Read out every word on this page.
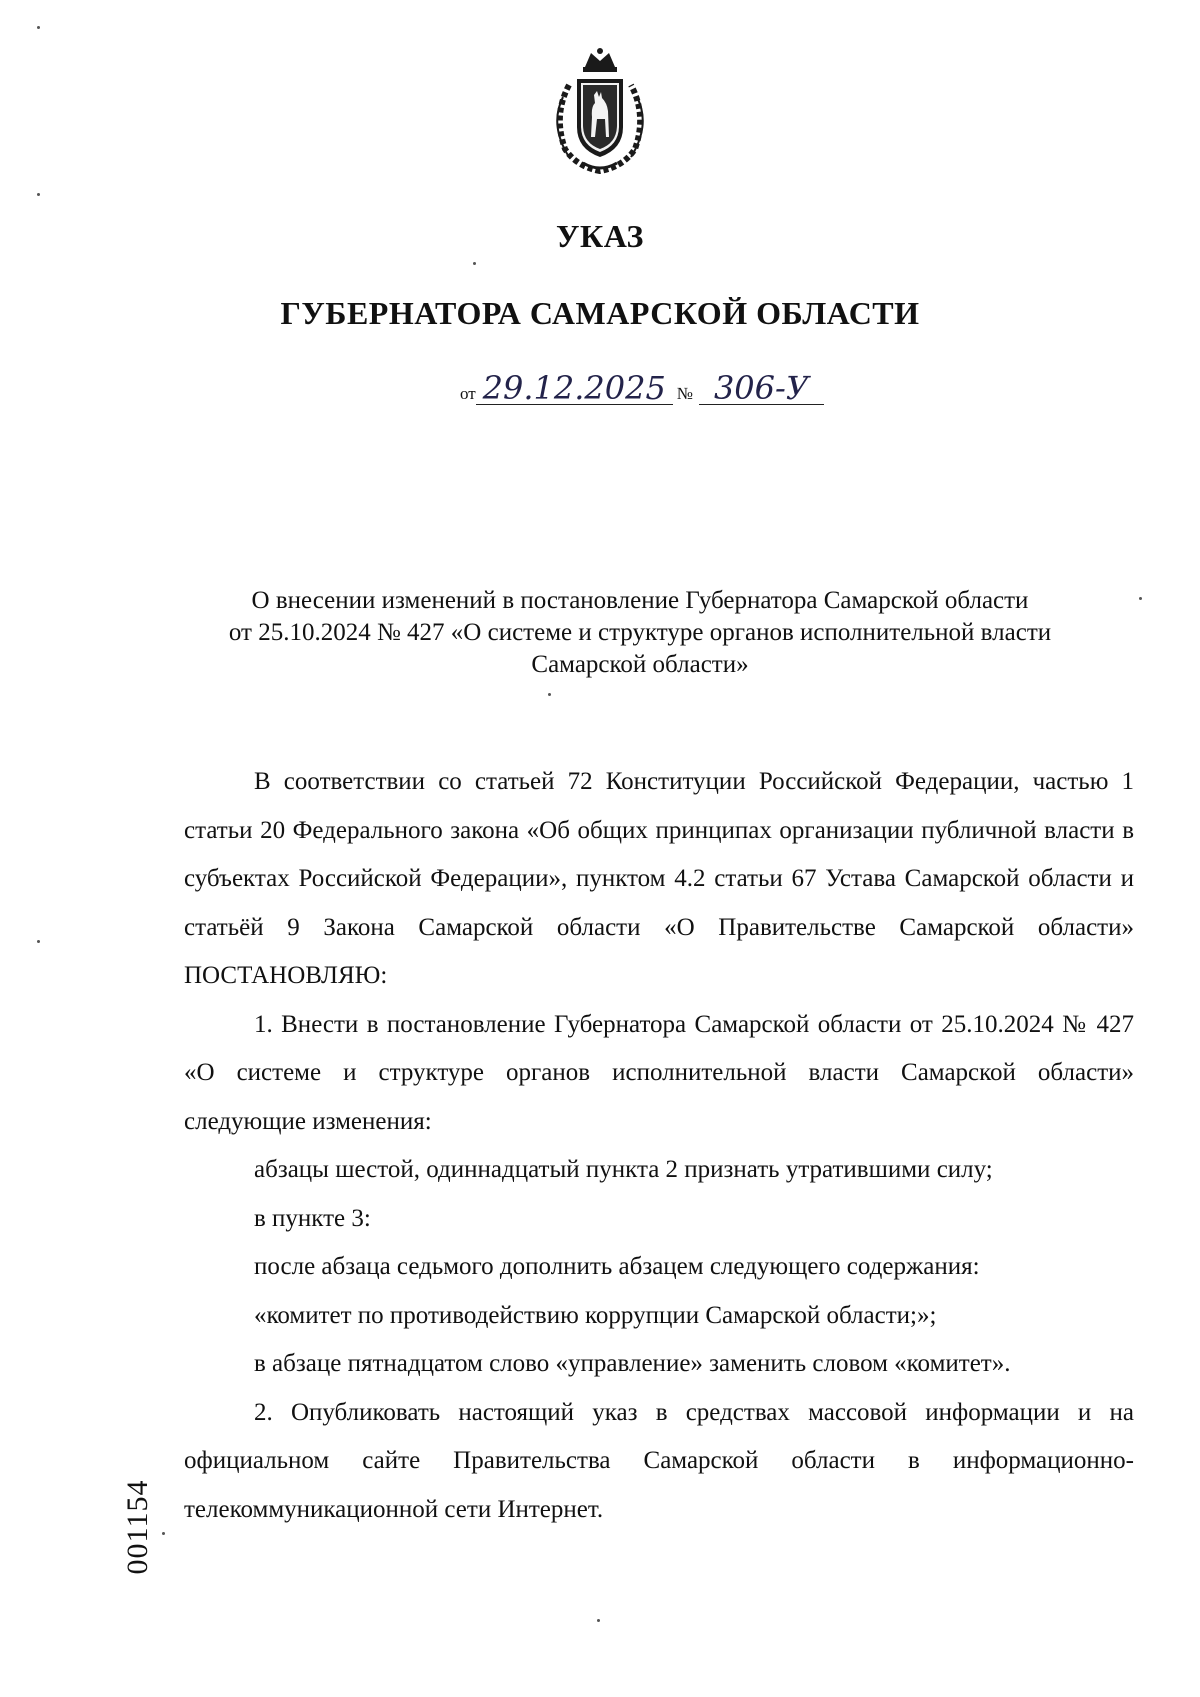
УКАЗ
ГУБЕРНАТОРА САМАРСКОЙ ОБЛАСТИ
от 29.12.2025 № 306-У
О внесении изменений в постановление Губернатора Самарской области
от 25.10.2024 № 427 «О системе и структуре органов исполнительной власти
Самарской области»

В соответствии со статьей 72 Конституции Российской Федерации, частью 1 статьи 20 Федерального закона «Об общих принципах организации публичной власти в субъектах Российской Федерации», пунктом 4.2 статьи 67 Устава Самарской области и статьёй 9 Закона Самарской области «О Правительстве Самарской области» ПОСТАНОВЛЯЮ:

1. Внести в постановление Губернатора Самарской области от 25.10.2024 № 427 «О системе и структуре органов исполнительной власти Самарской области» следующие изменения:

абзацы шестой, одиннадцатый пункта 2 признать утратившими силу;

в пункте 3:

после абзаца седьмого дополнить абзацем следующего содержания:

«комитет по противодействию коррупции Самарской области;»;

в абзаце пятнадцатом слово «управление» заменить словом «комитет».

2. Опубликовать настоящий указ в средствах массовой информации и на официальном сайте Правительства Самарской области в информационно-телекоммуникационной сети Интернет.

001154
